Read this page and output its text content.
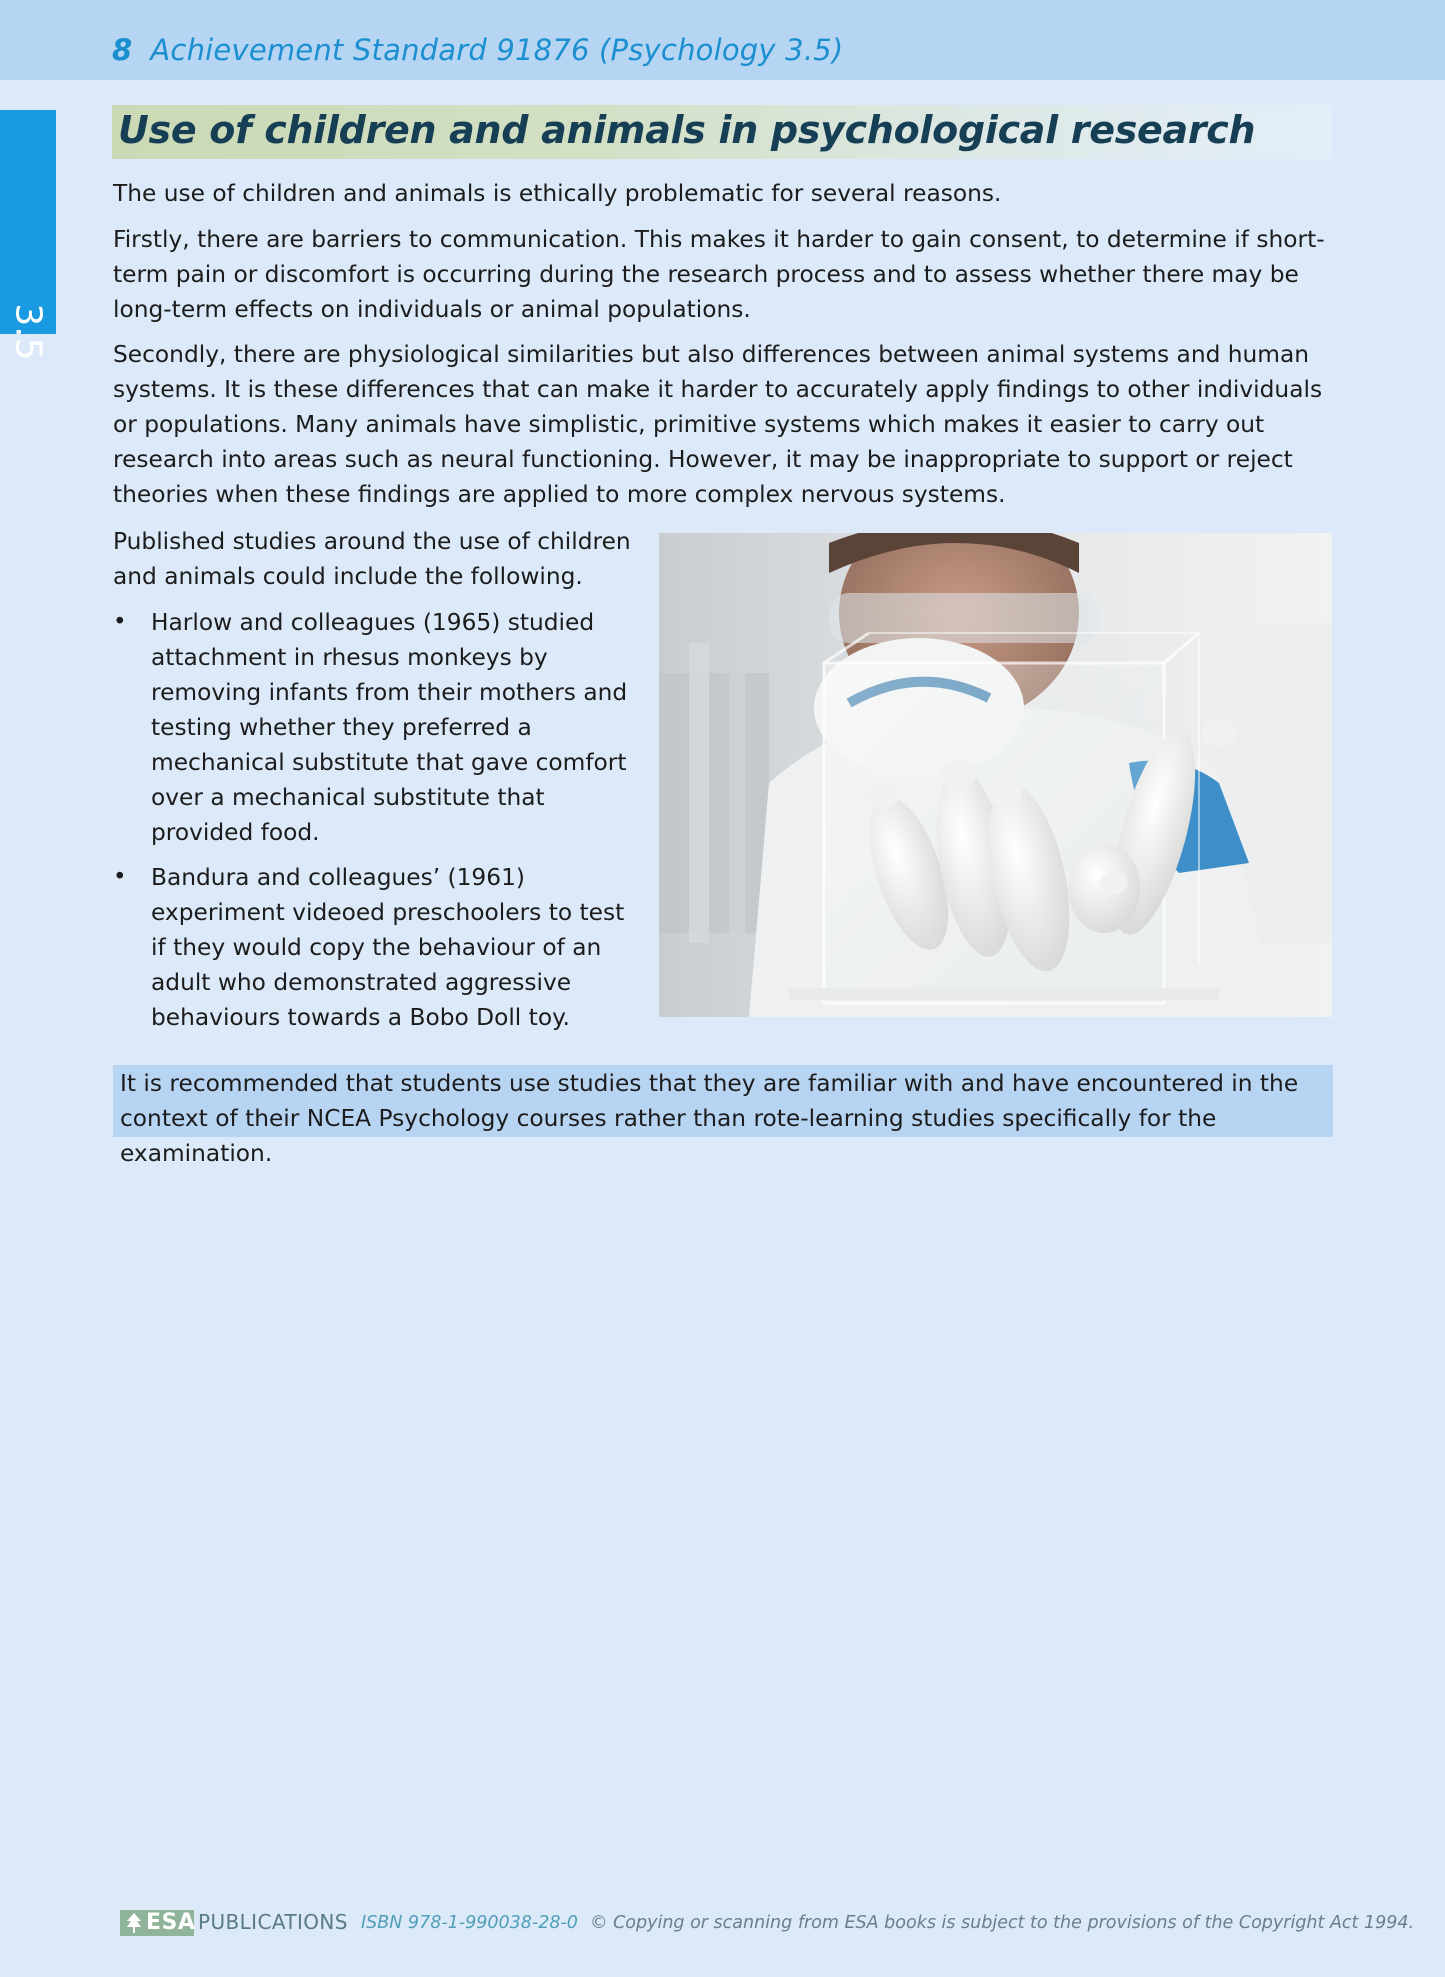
8 Achievement Standard 91876 (Psychology 3.5)
3.5
Use of children and animals in psychological research

The use of children and animals is ethically problematic for several reasons.

Firstly, there are barriers to communication. This makes it harder to gain consent, to determine if short-term pain or discomfort is occurring during the research process and to assess whether there may be long-term effects on individuals or animal populations.

Secondly, there are physiological similarities but also differences between animal systems and human systems. It is these differences that can make it harder to accurately apply findings to other individuals or populations. Many animals have simplistic, primitive systems which makes it easier to carry out research into areas such as neural functioning. However, it may be inappropriate to support or reject theories when these findings are applied to more complex nervous systems.

Published studies around the use of children and animals could include the following.

• Harlow and colleagues (1965) studied attachment in rhesus monkeys by removing infants from their mothers and testing whether they preferred a mechanical substitute that gave comfort over a mechanical substitute that provided food.
• Bandura and colleagues’ (1961) experiment videoed preschoolers to test if they would copy the behaviour of an adult who demonstrated aggressive behaviours towards a Bobo Doll toy.

It is recommended that students use studies that they are familiar with and have encountered in the context of their NCEA Psychology courses rather than rote-learning studies specifically for the examination.

ESA PUBLICATIONS ISBN 978-1-990038-28-0 © Copying or scanning from ESA books is subject to the provisions of the Copyright Act 1994.
